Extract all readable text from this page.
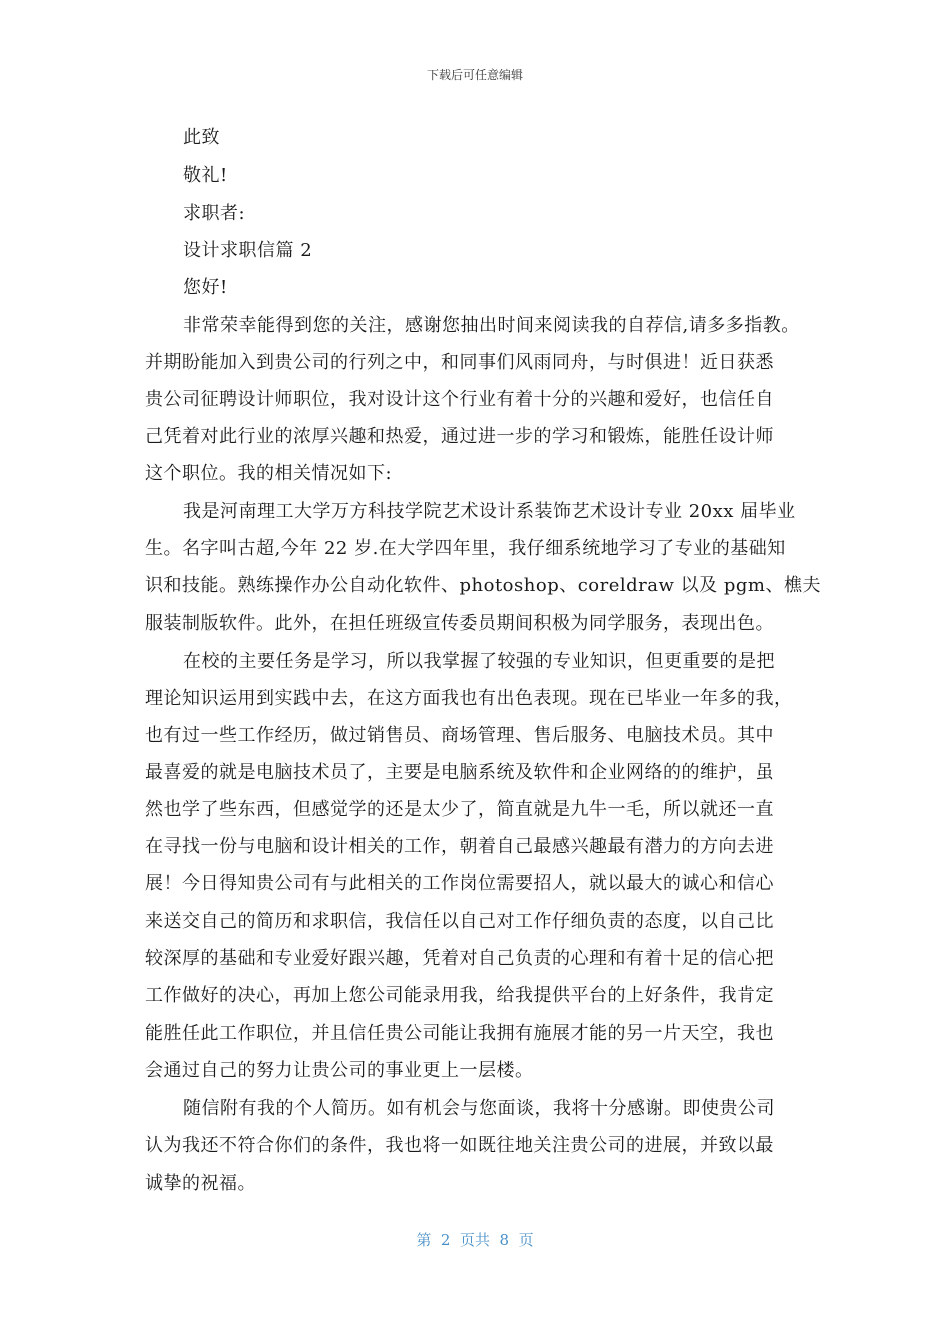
下载后可任意编辑
此致
敬礼!
求职者:
设计求职信篇 2
您好!
非常荣幸能得到您的关注，感谢您抽出时间来阅读我的自荐信,请多多指教。
并期盼能加入到贵公司的行列之中，和同事们风雨同舟，与时俱进！近日获悉
贵公司征聘设计师职位，我对设计这个行业有着十分的兴趣和爱好，也信任自
己凭着对此行业的浓厚兴趣和热爱，通过进一步的学习和锻炼，能胜任设计师
这个职位。我的相关情况如下:
我是河南理工大学万方科技学院艺术设计系装饰艺术设计专业 20xx 届毕业
生。名字叫古超,今年 22 岁.在大学四年里，我仔细系统地学习了专业的基础知
识和技能。熟练操作办公自动化软件、photoshop、coreldraw 以及 pgm、樵夫
服装制版软件。此外，在担任班级宣传委员期间积极为同学服务，表现出色。
在校的主要任务是学习，所以我掌握了较强的专业知识，但更重要的是把
理论知识运用到实践中去，在这方面我也有出色表现。现在已毕业一年多的我，
也有过一些工作经历，做过销售员、商场管理、售后服务、电脑技术员。其中
最喜爱的就是电脑技术员了，主要是电脑系统及软件和企业网络的的维护，虽
然也学了些东西，但感觉学的还是太少了，简直就是九牛一毛，所以就还一直
在寻找一份与电脑和设计相关的工作，朝着自己最感兴趣最有潜力的方向去进
展！今日得知贵公司有与此相关的工作岗位需要招人，就以最大的诚心和信心
来送交自己的简历和求职信，我信任以自己对工作仔细负责的态度，以自己比
较深厚的基础和专业爱好跟兴趣，凭着对自己负责的心理和有着十足的信心把
工作做好的决心，再加上您公司能录用我，给我提供平台的上好条件，我肯定
能胜任此工作职位，并且信任贵公司能让我拥有施展才能的另一片天空，我也
会通过自己的努力让贵公司的事业更上一层楼。
随信附有我的个人简历。如有机会与您面谈，我将十分感谢。即使贵公司
认为我还不符合你们的条件，我也将一如既往地关注贵公司的进展，并致以最
诚挚的祝福。
第  2  页共  8  页
